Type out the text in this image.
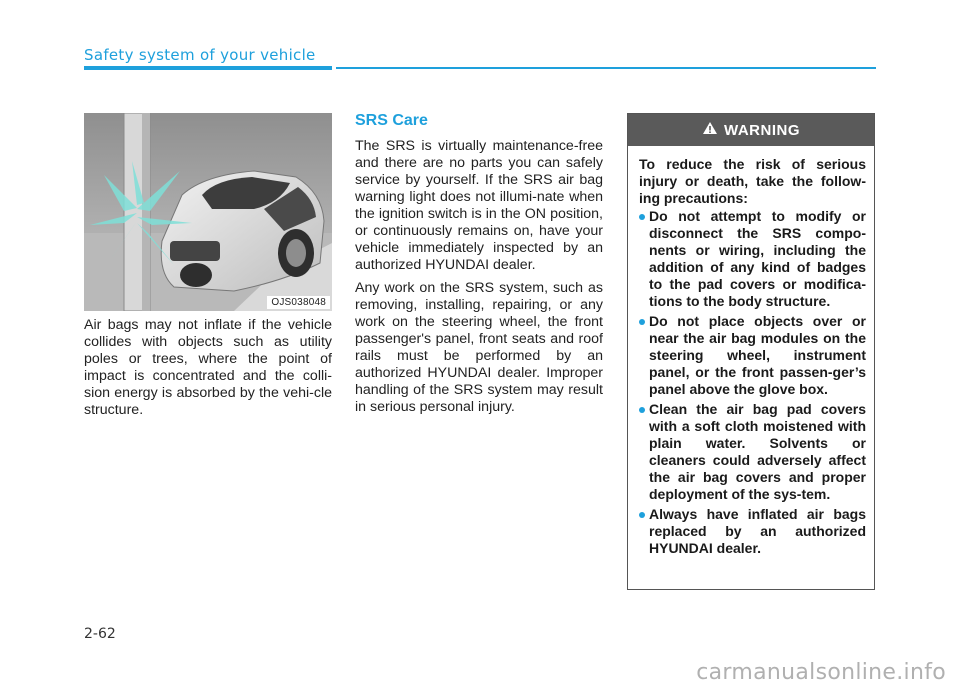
Safety system of your vehicle
OJS038048
Air bags may not inflate if the vehicle collides with objects such as utility poles or trees, where the point of impact is concentrated and the colli-sion energy is absorbed by the vehi-cle structure.
SRS Care

The SRS is virtually maintenance-free and there are no parts you can safely service by yourself. If the SRS air bag warning light does not illumi-nate when the ignition switch is in the ON position, or continuously remains on, have your vehicle immediately inspected by an authorized HYUNDAI dealer.

Any work on the SRS system, such as removing, installing, repairing, or any work on the steering wheel, the front passenger's panel, front seats and roof rails must be performed by an authorized HYUNDAI dealer. Improper handling of the SRS system may result in serious personal injury.

WARNING

To reduce the risk of serious injury or death, take the follow-ing precautions:

Do not attempt to modify or disconnect the SRS compo-nents or wiring, including the addition of any kind of badges to the pad covers or modifica-tions to the body structure.
Do not place objects over or near the air bag modules on the steering wheel, instrument panel, or the front passen-ger’s panel above the glove box.
Clean the air bag pad covers with a soft cloth moistened with plain water. Solvents or cleaners could adversely affect the air bag covers and proper deployment of the sys-tem.
Always have inflated air bags replaced by an authorized HYUNDAI dealer.
2-62
carmanualsonline.info
